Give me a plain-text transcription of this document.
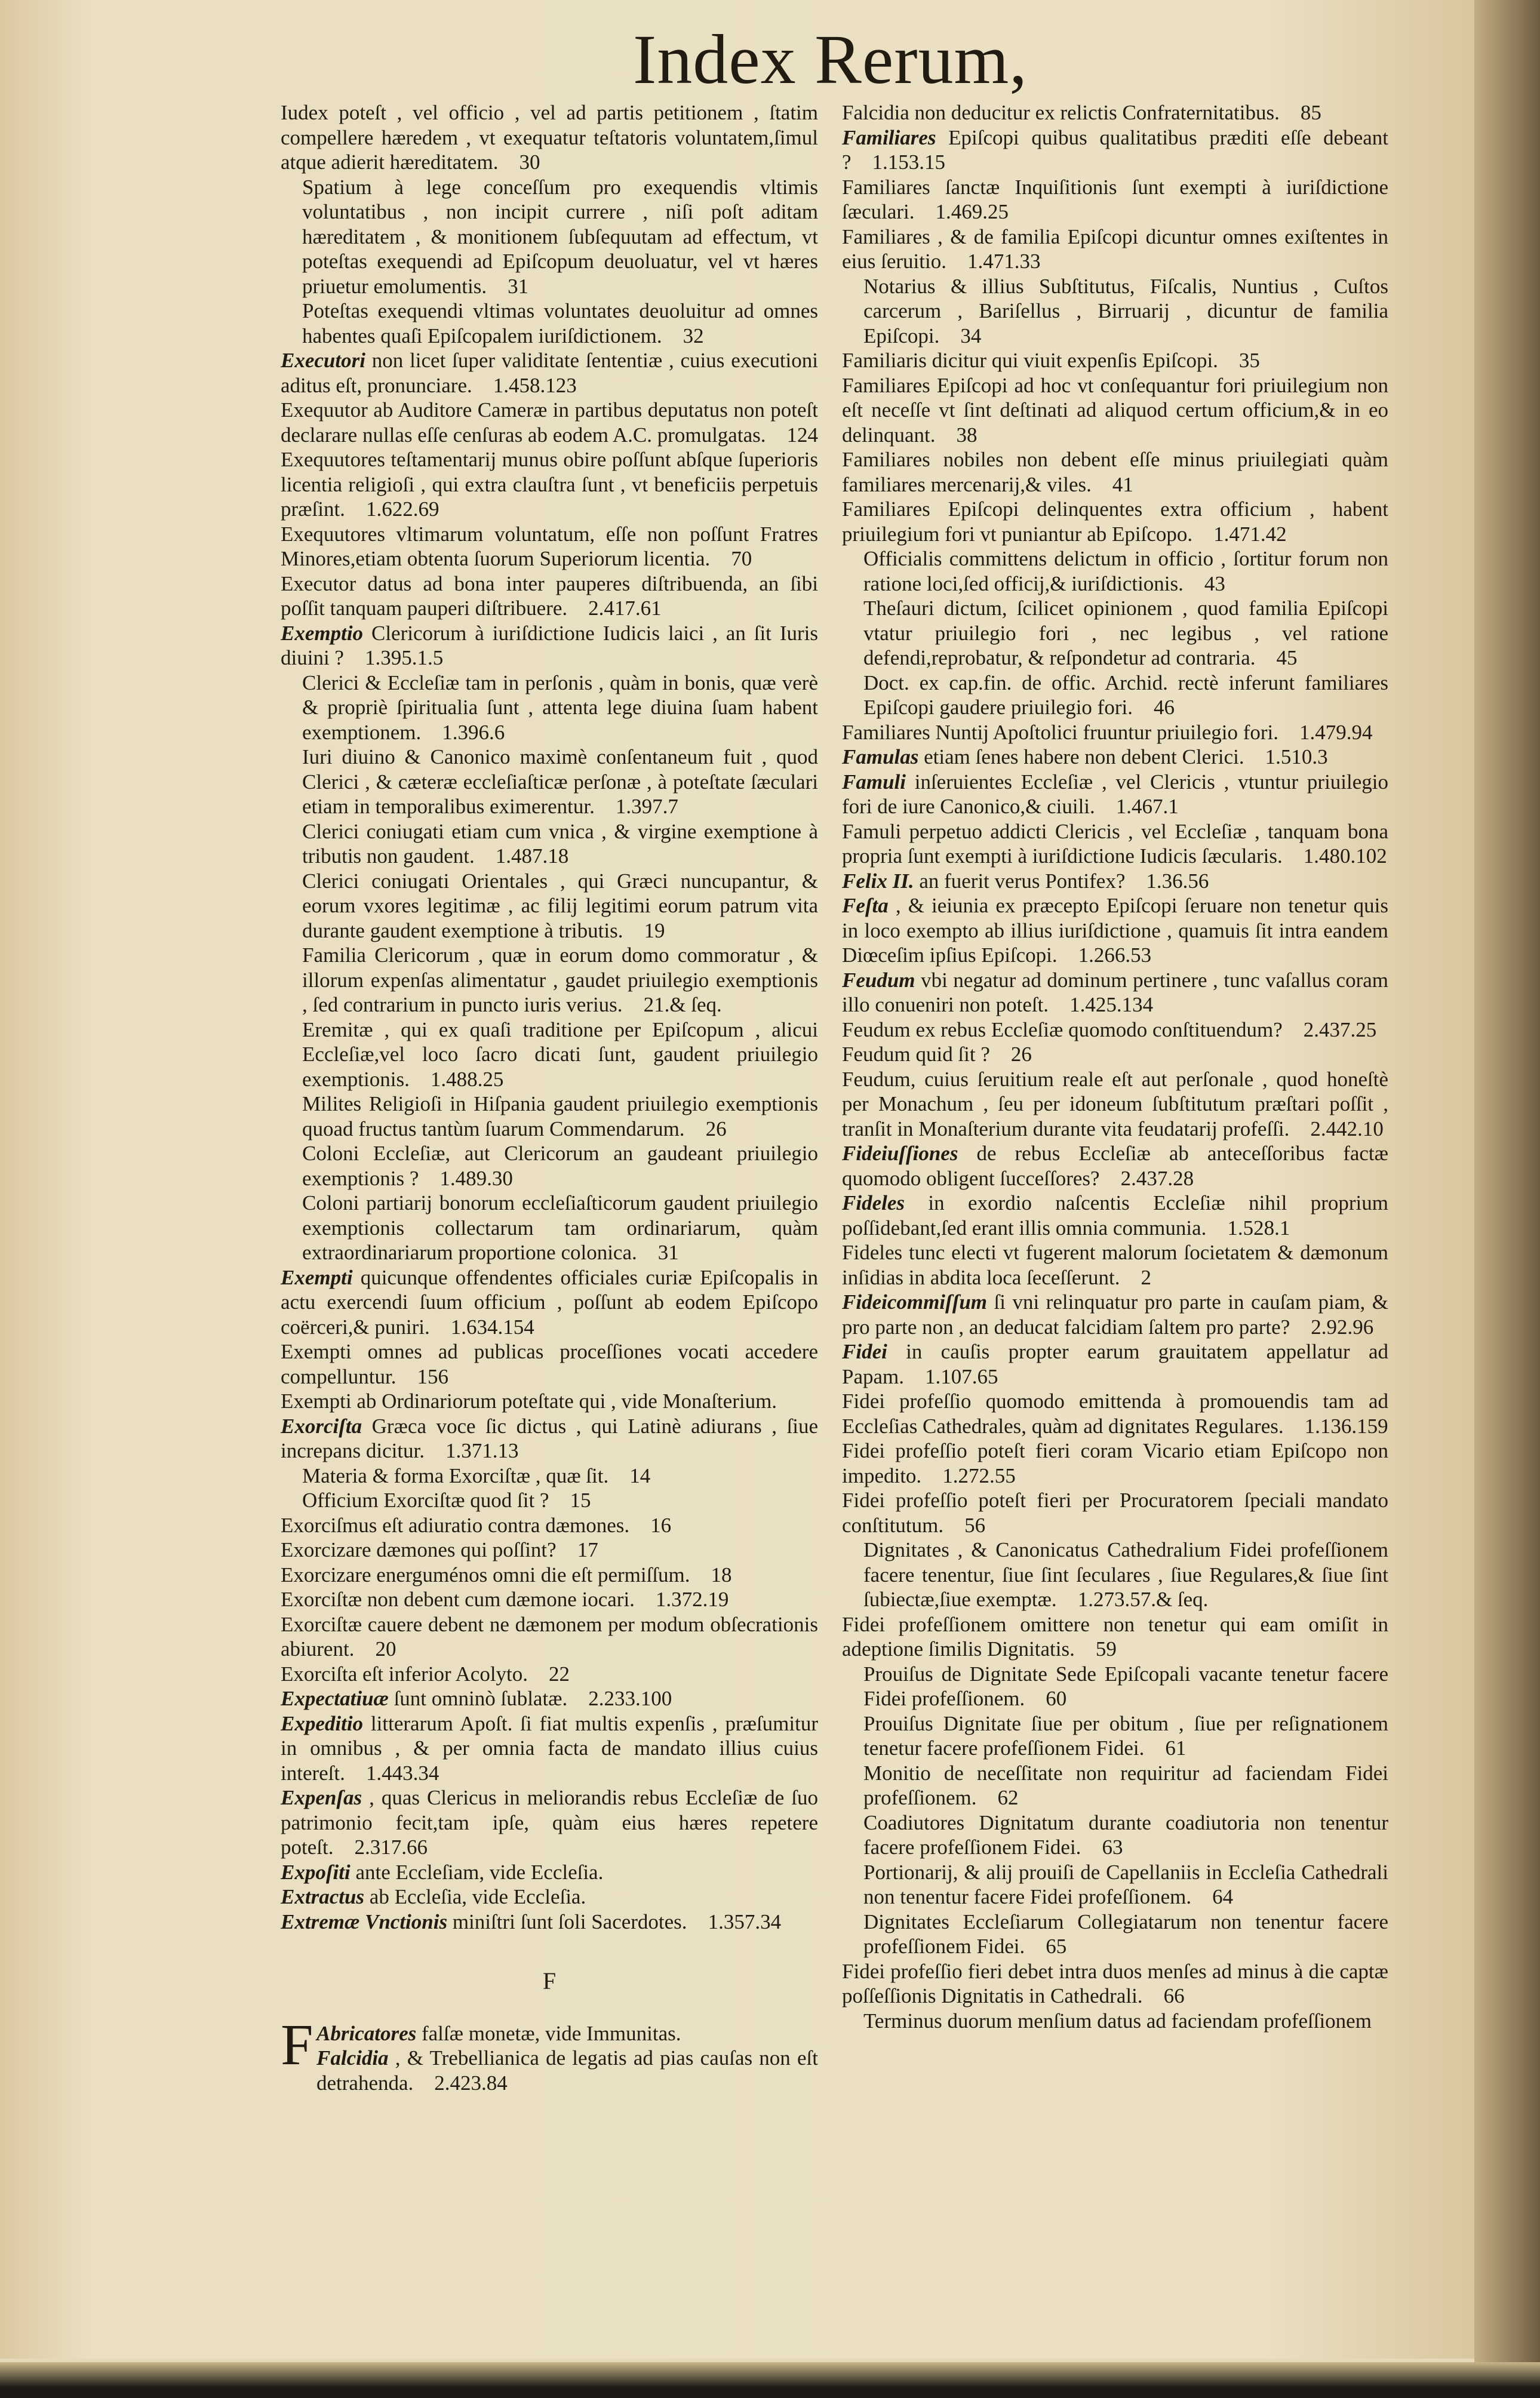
Index Rerum,

Iudex poteſt , vel officio , vel ad partis petitionem , ſtatim compellere hæredem , vt exequatur teſtatoris voluntatem,ſimul atque adierit hæreditatem. 30

Spatium à lege conceſſum pro exequendis vltimis voluntatibus , non incipit currere , niſi poſt aditam hæreditatem , & monitionem ſubſequutam ad effectum, vt poteſtas exequendi ad Epiſcopum deuoluatur, vel vt hæres priuetur emolumentis. 31

Poteſtas exequendi vltimas voluntates deuoluitur ad omnes habentes quaſi Epiſcopalem iuriſdictionem. 32

Executori non licet ſuper validitate ſententiæ , cuius executioni aditus eſt, pronunciare. 1.458.123

Exequutor ab Auditore Cameræ in partibus deputatus non poteſt declarare nullas eſſe cenſuras ab eodem A.C. promulgatas. 124

Exequutores teſtamentarij munus obire poſſunt abſque ſuperioris licentia religioſi , qui extra clauſtra ſunt , vt beneficiis perpetuis præſint. 1.622.69

Exequutores vltimarum voluntatum, eſſe non poſſunt Fratres Minores,etiam obtenta ſuorum Superiorum licentia. 70

Executor datus ad bona inter pauperes diſtribuenda, an ſibi poſſit tanquam pauperi diſtribuere. 2.417.61

Exemptio Clericorum à iuriſdictione Iudicis laici , an ſit Iuris diuini ? 1.395.1.5

Clerici & Eccleſiæ tam in perſonis , quàm in bonis, quæ verè & propriè ſpiritualia ſunt , attenta lege diuina ſuam habent exemptionem. 1.396.6

Iuri diuino & Canonico maximè conſentaneum fuit , quod Clerici , & cæteræ eccleſiaſticæ perſonæ , à poteſtate ſæculari etiam in temporalibus eximerentur. 1.397.7

Clerici coniugati etiam cum vnica , & virgine exemptione à tributis non gaudent. 1.487.18

Clerici coniugati Orientales , qui Græci nuncupantur, & eorum vxores legitimæ , ac filij legitimi eorum patrum vita durante gaudent exemptione à tributis. 19

Familia Clericorum , quæ in eorum domo commoratur , & illorum expenſas alimentatur , gaudet priuilegio exemptionis , ſed contrarium in puncto iuris verius. 21.& ſeq.

Eremitæ , qui ex quaſi traditione per Epiſcopum , alicui Eccleſiæ,vel loco ſacro dicati ſunt, gaudent priuilegio exemptionis. 1.488.25

Milites Religioſi in Hiſpania gaudent priuilegio exemptionis quoad fructus tantùm ſuarum Commendarum. 26

Coloni Eccleſiæ, aut Clericorum an gaudeant priuilegio exemptionis ? 1.489.30

Coloni partiarij bonorum eccleſiaſticorum gaudent priuilegio exemptionis collectarum tam ordinariarum, quàm extraordinariarum proportione colonica. 31

Exempti quicunque offendentes officiales curiæ Epiſcopalis in actu exercendi ſuum officium , poſſunt ab eodem Epiſcopo coërceri,& puniri. 1.634.154

Exempti omnes ad publicas proceſſiones vocati accedere compelluntur. 156

Exempti ab Ordinariorum poteſtate qui , vide Monaſterium.

Exorciſta Græca voce ſic dictus , qui Latinè adiurans , ſiue increpans dicitur. 1.371.13

Materia & forma Exorciſtæ , quæ ſit. 14

Officium Exorciſtæ quod ſit ? 15

Exorciſmus eſt adiuratio contra dæmones. 16

Exorcizare dæmones qui poſſint? 17

Exorcizare energuménos omni die eſt permiſſum. 18

Exorciſtæ non debent cum dæmone iocari. 1.372.19

Exorciſtæ cauere debent ne dæmonem per modum obſecrationis abiurent. 20

Exorciſta eſt inferior Acolyto. 22

Expectatiuæ ſunt omninò ſublatæ. 2.233.100

Expeditio litterarum Apoſt. ſi fiat multis expenſis , præſumitur in omnibus , & per omnia facta de mandato illius cuius intereſt. 1.443.34

Expenſas , quas Clericus in meliorandis rebus Eccleſiæ de ſuo patrimonio fecit,tam ipſe, quàm eius hæres repetere poteſt. 2.317.66

Expoſiti ante Eccleſiam, vide Eccleſia.

Extractus ab Eccleſia, vide Eccleſia.

Extremæ Vnctionis miniſtri ſunt ſoli Sacerdotes. 1.357.34

F
F Abricatores falſæ monetæ, vide Immunitas.

Falcidia , & Trebellianica de legatis ad pias cauſas non eſt detrahenda. 2.423.84

Falcidia non deducitur ex relictis Confraternitatibus. 85

Familiares Epiſcopi quibus qualitatibus præditi eſſe debeant ? 1.153.15

Familiares ſanctæ Inquiſitionis ſunt exempti à iuriſdictione ſæculari. 1.469.25

Familiares , & de familia Epiſcopi dicuntur omnes exiſtentes in eius ſeruitio. 1.471.33

Notarius & illius Subſtitutus, Fiſcalis, Nuntius , Cuſtos carcerum , Bariſellus , Birruarij , dicuntur de familia Epiſcopi. 34

Familiaris dicitur qui viuit expenſis Epiſcopi. 35

Familiares Epiſcopi ad hoc vt conſequantur fori priuilegium non eſt neceſſe vt ſint deſtinati ad aliquod certum officium,& in eo delinquant. 38

Familiares nobiles non debent eſſe minus priuilegiati quàm familiares mercenarij,& viles. 41

Familiares Epiſcopi delinquentes extra officium , habent priuilegium fori vt puniantur ab Epiſcopo. 1.471.42

Officialis committens delictum in officio , ſortitur forum non ratione loci,ſed officij,& iuriſdictionis. 43

Theſauri dictum, ſcilicet opinionem , quod familia Epiſcopi vtatur priuilegio fori , nec legibus , vel ratione defendi,reprobatur, & reſpondetur ad contraria. 45

Doct. ex cap.fin. de offic. Archid. rectè inferunt familiares Epiſcopi gaudere priuilegio fori. 46

Familiares Nuntij Apoſtolici fruuntur priuilegio fori. 1.479.94

Famulas etiam ſenes habere non debent Clerici. 1.510.3

Famuli inſeruientes Eccleſiæ , vel Clericis , vtuntur priuilegio fori de iure Canonico,& ciuili. 1.467.1

Famuli perpetuo addicti Clericis , vel Eccleſiæ , tanquam bona propria ſunt exempti à iuriſdictione Iudicis ſæcularis. 1.480.102

Felix II. an fuerit verus Pontifex? 1.36.56

Feſta , & ieiunia ex præcepto Epiſcopi ſeruare non tenetur quis in loco exempto ab illius iuriſdictione , quamuis ſit intra eandem Diœceſim ipſius Epiſcopi. 1.266.53

Feudum vbi negatur ad dominum pertinere , tunc vaſallus coram illo conueniri non poteſt. 1.425.134

Feudum ex rebus Eccleſiæ quomodo conſtituendum? 2.437.25

Feudum quid ſit ? 26

Feudum, cuius ſeruitium reale eſt aut perſonale , quod honeſtè per Monachum , ſeu per idoneum ſubſtitutum præſtari poſſit , tranſit in Monaſterium durante vita feudatarij profeſſi. 2.442.10

Fideiuſſiones de rebus Eccleſiæ ab anteceſſoribus factæ quomodo obligent ſucceſſores? 2.437.28

Fideles in exordio naſcentis Eccleſiæ nihil proprium poſſidebant,ſed erant illis omnia communia. 1.528.1

Fideles tunc electi vt fugerent malorum ſocietatem & dæmonum inſidias in abdita loca ſeceſſerunt. 2

Fideicommiſſum ſi vni relinquatur pro parte in cauſam piam, & pro parte non , an deducat falcidiam ſaltem pro parte? 2.92.96

Fidei in cauſis propter earum grauitatem appellatur ad Papam. 1.107.65

Fidei profeſſio quomodo emittenda à promouendis tam ad Eccleſias Cathedrales, quàm ad dignitates Regulares. 1.136.159

Fidei profeſſio poteſt fieri coram Vicario etiam Epiſcopo non impedito. 1.272.55

Fidei profeſſio poteſt fieri per Procuratorem ſpeciali mandato conſtitutum. 56

Dignitates , & Canonicatus Cathedralium Fidei profeſſionem facere tenentur, ſiue ſint ſeculares , ſiue Regulares,& ſiue ſint ſubiectæ,ſiue exemptæ. 1.273.57.& ſeq.

Fidei profeſſionem omittere non tenetur qui eam omiſit in adeptione ſimilis Dignitatis. 59

Prouiſus de Dignitate Sede Epiſcopali vacante tenetur facere Fidei profeſſionem. 60

Prouiſus Dignitate ſiue per obitum , ſiue per reſignationem tenetur facere profeſſionem Fidei. 61

Monitio de neceſſitate non requiritur ad faciendam Fidei profeſſionem. 62

Coadiutores Dignitatum durante coadiutoria non tenentur facere profeſſionem Fidei. 63

Portionarij, & alij prouiſi de Capellaniis in Eccleſia Cathedrali non tenentur facere Fidei profeſſionem. 64

Dignitates Eccleſiarum Collegiatarum non tenentur facere profeſſionem Fidei. 65

Fidei profeſſio fieri debet intra duos menſes ad minus à die captæ poſſeſſionis Dignitatis in Cathedrali. 66

Terminus duorum menſium datus ad faciendam profeſſionem
